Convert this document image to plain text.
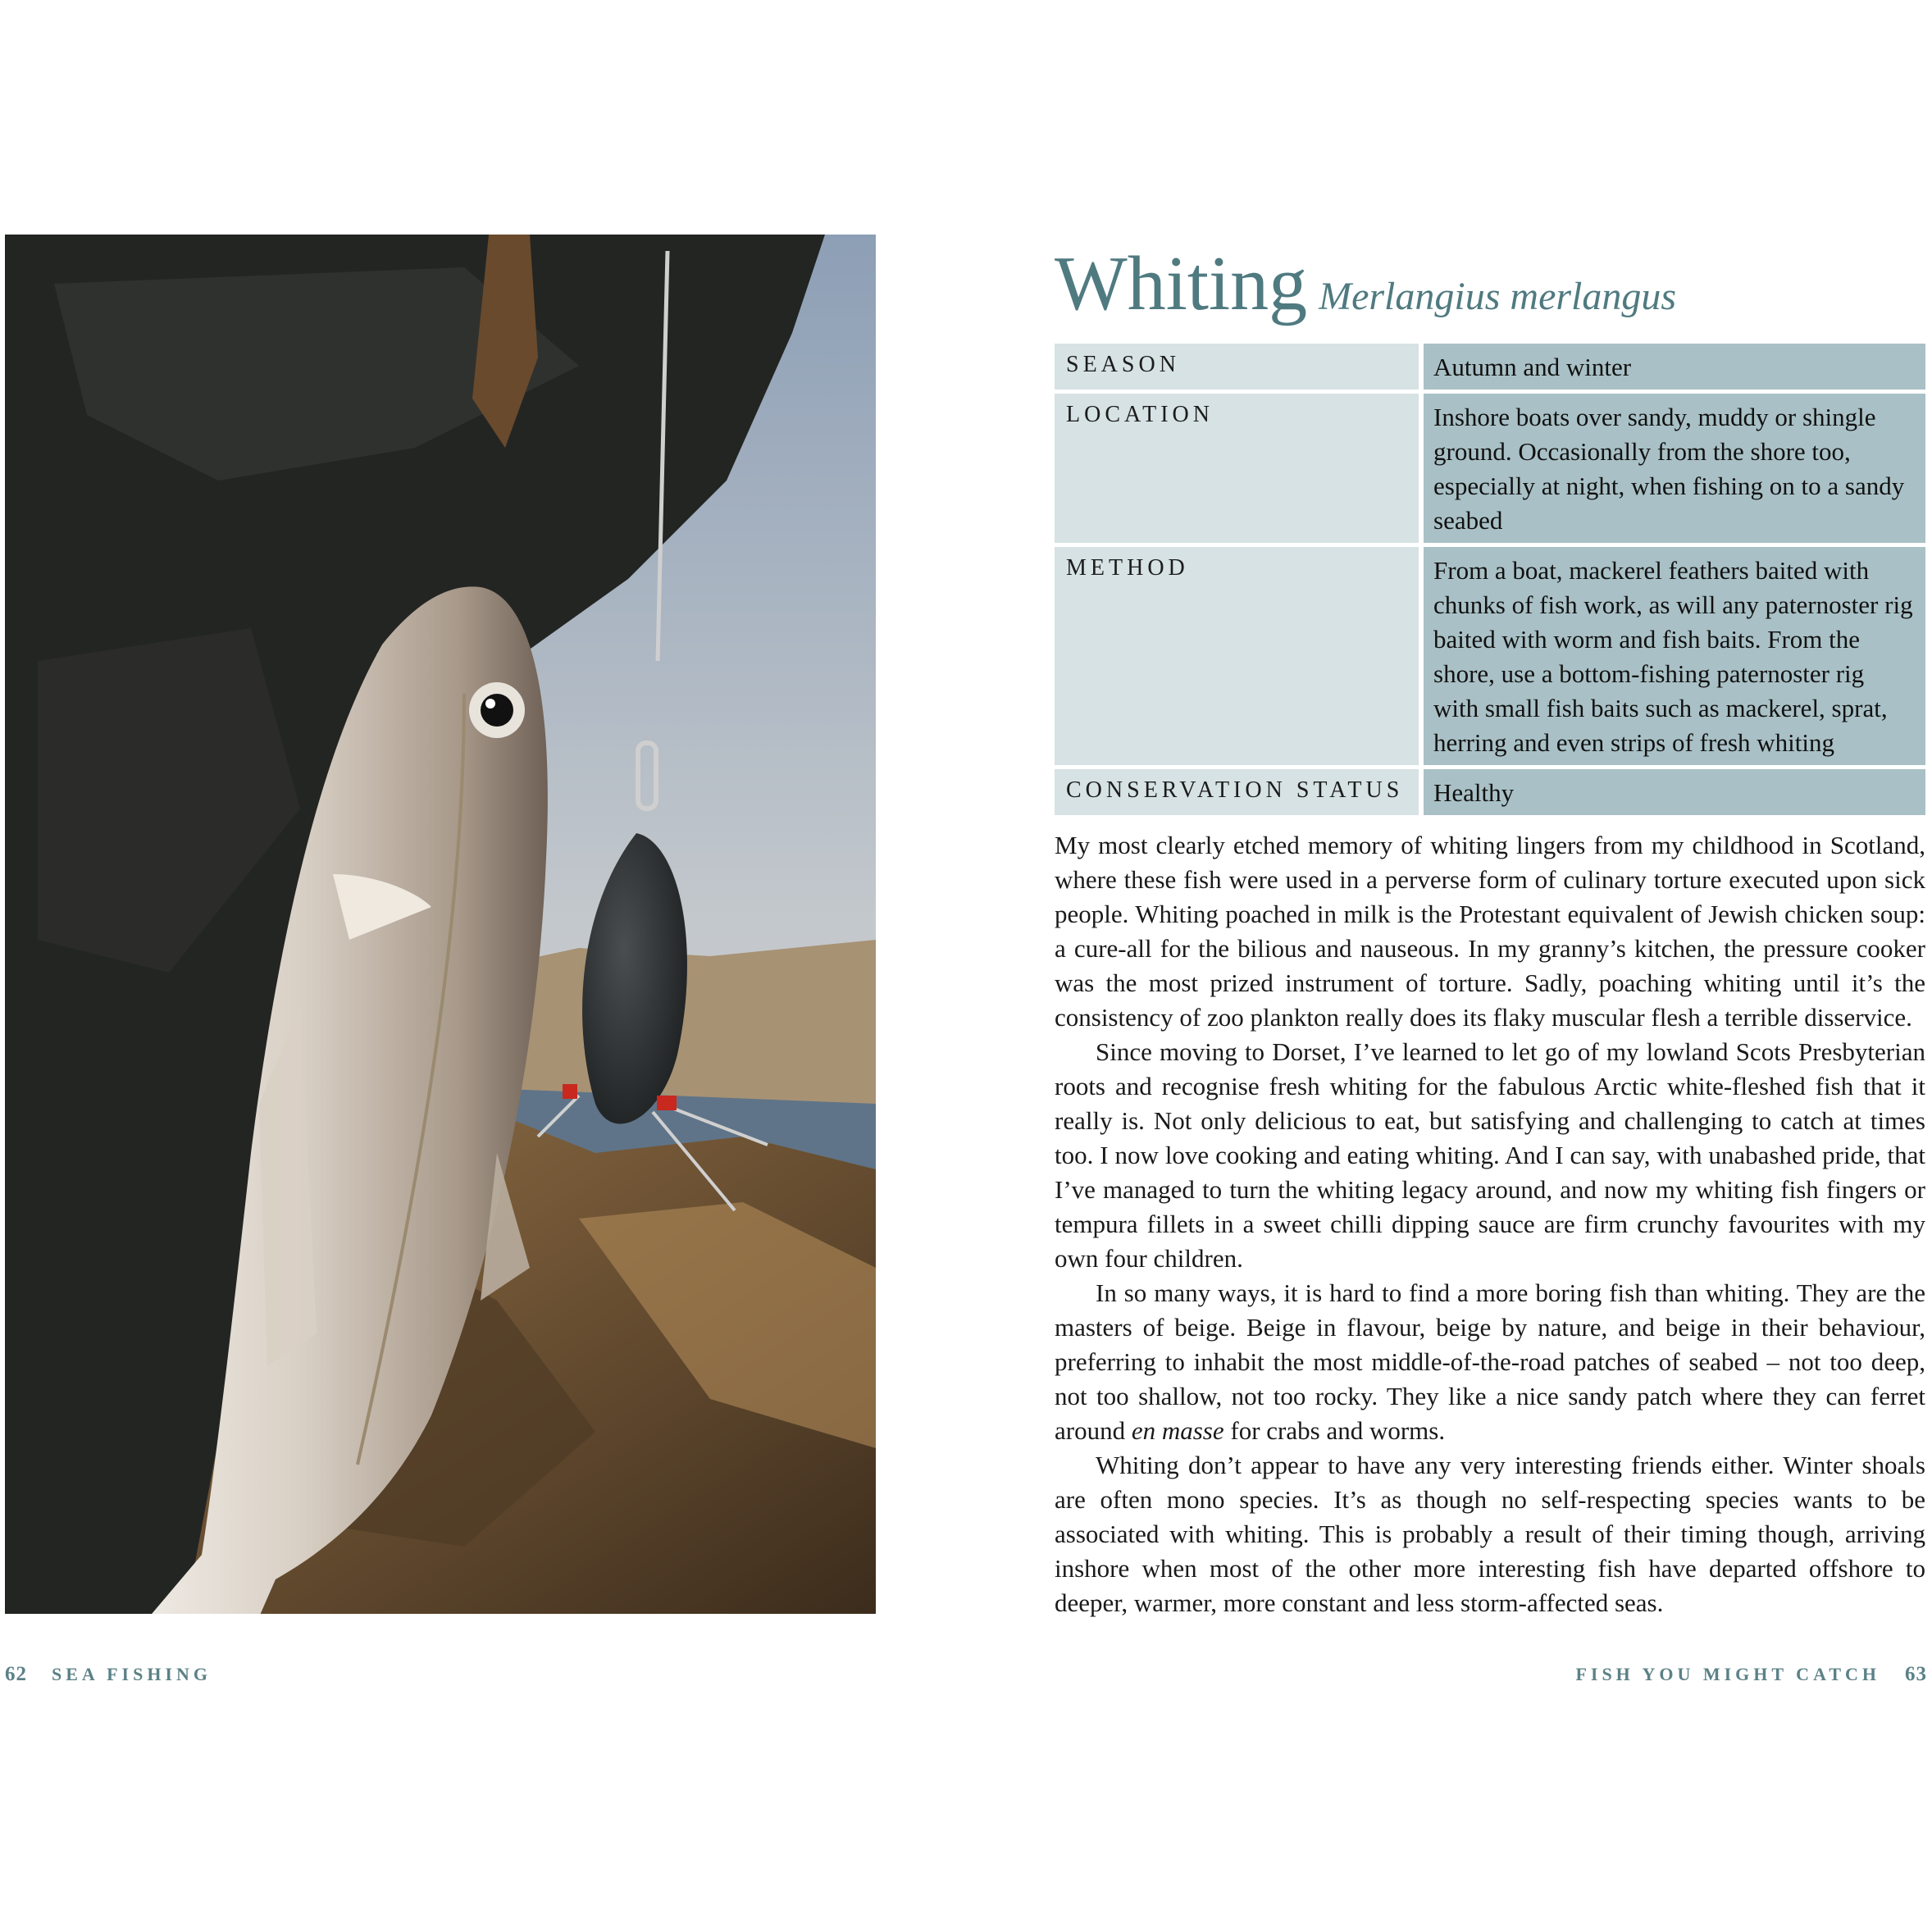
Whiting Merlangius merlangus
SEASON	Autumn and winter
LOCATION	Inshore boats over sandy, muddy or shingle ground. Occasionally from the shore too, especially at night, when fishing on to a sandy seabed
METHOD	From a boat, mackerel feathers baited with chunks of fish work, as will any paternoster rig baited with worm and fish baits. From the shore, use a bottom-fishing paternoster rig with small fish baits such as mackerel, sprat, herring and even strips of fresh whiting
CONSERVATION STATUS	Healthy

My most clearly etched memory of whiting lingers from my childhood in Scotland, where these fish were used in a perverse form of culinary torture executed upon sick people. Whiting poached in milk is the Protestant equivalent of Jewish chicken soup: a cure-all for the bilious and nauseous. In my granny’s kitchen, the pressure cooker was the most prized instrument of torture. Sadly, poaching whiting until it’s the consistency of zoo plankton really does its flaky muscular flesh a terrible disservice.

Since moving to Dorset, I’ve learned to let go of my lowland Scots Presbyterian roots and recognise fresh whiting for the fabulous Arctic white-fleshed fish that it really is. Not only delicious to eat, but satisfying and challenging to catch at times too. I now love cooking and eating whiting. And I can say, with unabashed pride, that I’ve managed to turn the whiting legacy around, and now my whiting fish fingers or tempura fillets in a sweet chilli dipping sauce are firm crunchy favourites with my own four children.

In so many ways, it is hard to find a more boring fish than whiting. They are the masters of beige. Beige in flavour, beige by nature, and beige in their behaviour, preferring to inhabit the most middle-of-the-road patches of seabed – not too deep, not too shallow, not too rocky. They like a nice sandy patch where they can ferret around en masse for crabs and worms.

Whiting don’t appear to have any very interesting friends either. Winter shoals are often mono species. It’s as though no self-respecting species wants to be associated with whiting. This is probably a result of their timing though, arriving inshore when most of the other more interesting fish have departed offshore to deeper, warmer, more constant and less storm-affected seas.

62 SEA FISHING	FISH YOU MIGHT CATCH 63
